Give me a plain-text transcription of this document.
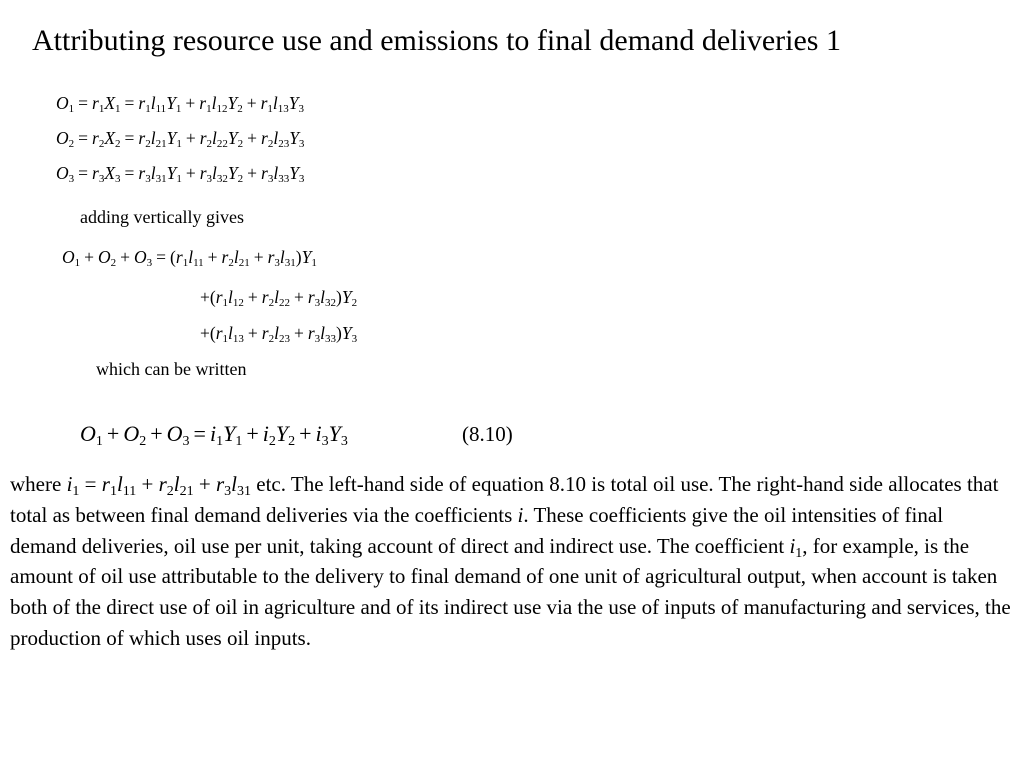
Attributing resource use and emissions to final demand deliveries 1
$O_1 = r_1X_1 = r_1l_{11}Y_1 + r_1l_{12}Y_2 + r_1l_{13}Y_3$
$O_2 = r_2X_2 = r_2l_{21}Y_1 + r_2l_{22}Y_2 + r_2l_{23}Y_3$
$O_3 = r_3X_3 = r_3l_{31}Y_1 + r_3l_{32}Y_2 + r_3l_{33}Y_3$
adding vertically gives
$O_1 + O_2 + O_3 = (r_1l_{11} + r_2l_{21} + r_3l_{31})Y_1$
$+(r_1l_{12} + r_2l_{22} + r_3l_{32})Y_2$
$+(r_1l_{13} + r_2l_{23} + r_3l_{33})Y_3$
which can be written
$O_1 + O_2 + O_3 = i_1Y_1 + i_2Y_2 + i_3Y_3$	(8.10)
where $i_1 = r_1l_{11} + r_2l_{21} + r_3l_{31}$ etc. The left-hand side of equation 8.10 is total oil use. The right-hand side allocates that total as between final demand deliveries via the coefficients i. These coefficients give the oil intensities of final demand deliveries, oil use per unit, taking account of direct and indirect use. The coefficient $i_1$, for example, is the amount of oil use attributable to the delivery to final demand of one unit of agricultural output, when account is taken both of the direct use of oil in agriculture and of its indirect use via the use of inputs of manufacturing and services, the production of which uses oil inputs.
